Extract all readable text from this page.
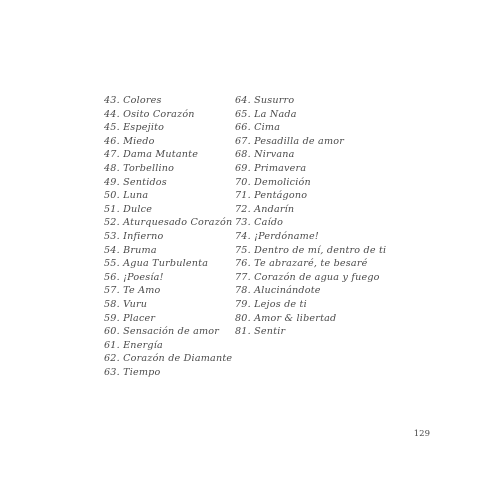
43. Colores
44. Osito Corazón
45. Espejito
46. Miedo
47. Dama Mutante
48. Torbellino
49. Sentidos
50. Luna
51. Dulce
52. Aturquesado Corazón
53. Infierno
54. Bruma
55. Agua Turbulenta
56. ¡Poesía!
57. Te Amo
58. Vuru
59. Placer
60. Sensación de amor
61. Energía
62. Corazón de Diamante
63. Tiempo
64. Susurro
65. La Nada
66. Cima
67. Pesadilla de amor
68. Nirvana
69. Primavera
70. Demolición
71. Pentágono
72. Andarín
73. Caído
74. ¡Perdóname!
75. Dentro de mí, dentro de ti
76. Te abrazaré, te besaré
77. Corazón de agua y fuego
78. Alucinándote
79. Lejos de ti
80. Amor & libertad
81. Sentir
129
